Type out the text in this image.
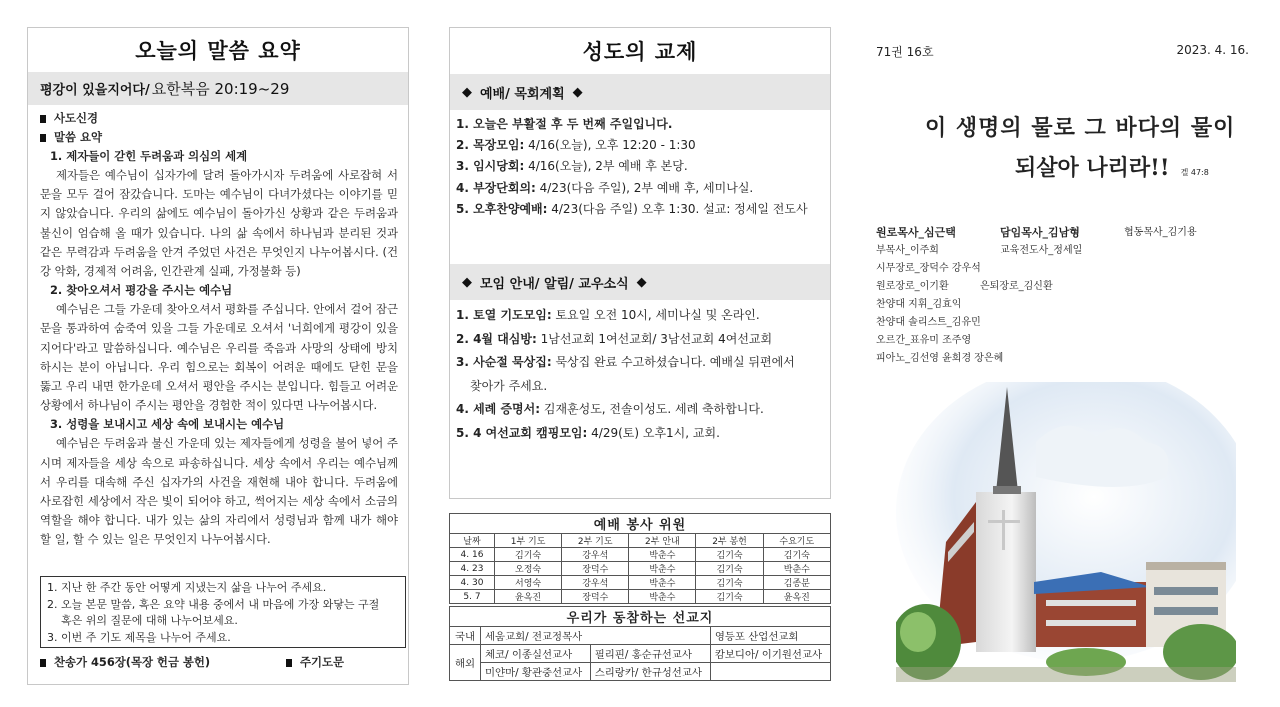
오늘의 말씀 요약
평강이 있을지어다/ 요한복음 20:19~29
사도신경
말씀 요약
1. 제자들이 갇힌 두려움과 의심의 세계
제자들은 예수님이 십자가에 달려 돌아가시자 두려움에 사로잡혀 서 문을 모두 걸어 잠갔습니다. 도마는 예수님이 다녀가셨다는 이야기를 믿지 않았습니다. 우리의 삶에도 예수님이 돌아가신 상황과 같은 두려움과 불신이 엄습해 올 때가 있습니다. 나의 삶 속에서 하나님과 분리된 것과 같은 무력감과 두려움을 안겨 주었던 사건은 무엇인지 나누어봅시다. (건강 악화, 경제적 어려움, 인간관계 실패, 가정불화 등)
2. 찾아오셔서 평강을 주시는 예수님
예수님은 그들 가운데 찾아오셔서 평화를 주십니다. 안에서 걸어 잠근 문을 통과하여 숨죽여 있을 그들 가운데로 오셔서 '너희에게 평강이 있을지어다'라고 말씀하십니다. 예수님은 우리를 죽음과 사망의 상태에 방치하시는 분이 아닙니다. 우리 힘으로는 회복이 어려운 때에도 닫힌 문을 뚫고 우리 내면 한가운데 오셔서 평안을 주시는 분입니다. 힘들고 어려운 상황에서 하나님이 주시는 평안을 경험한 적이 있다면 나누어봅시다.
3. 성령을 보내시고 세상 속에 보내시는 예수님
예수님은 두려움과 불신 가운데 있는 제자들에게 성령을 불어 넣어 주시며 제자들을 세상 속으로 파송하십니다. 세상 속에서 우리는 예수님께서 우리를 대속해 주신 십자가의 사건을 재현해 내야 합니다. 두려움에 사로잡힌 세상에서 작은 빛이 되어야 하고, 썩어지는 세상 속에서 소금의 역할을 해야 합니다. 내가 있는 삶의 자리에서 성령님과 함께 내가 해야 할 일, 할 수 있는 일은 무엇인지 나누어봅시다.
1. 지난 한 주간 동안 어떻게 지냈는지 삶을 나누어 주세요.
2. 오늘 본문 말씀, 혹은 요약 내용 중에서 내 마음에 가장 와닿는 구절
혹은 위의 질문에 대해 나누어보세요.
3. 이번 주 기도 제목을 나누어 주세요.
찬송가 456장(목장 헌금 봉헌)	주기도문
성도의 교제
◆ 예배/ 목회계획 ◆
1. 오늘은 부활절 후 두 번째 주일입니다.
2. 목장모임: 4/16(오늘), 오후 12:20 - 1:30
3. 임시당회: 4/16(오늘), 2부 예배 후 본당.
4. 부장단회의: 4/23(다음 주일), 2부 예배 후, 세미나실.
5. 오후찬양예배: 4/23(다음 주일) 오후 1:30. 설교: 정세일 전도사
◆ 모임 안내/ 알림/ 교우소식 ◆
1. 토열 기도모임: 토요일 오전 10시, 세미나실 및 온라인.
2. 4월 대심방: 1남선교회 1여선교회/ 3남선교회 4여선교회
3. 사순절 묵상집: 묵상집 완료 수고하셨습니다. 예배실 뒤편에서
찾아가 주세요.
4. 세례 증명서: 김재훈성도, 전솔이성도. 세례 축하합니다.
5. 4 여선교회 캠핑모임: 4/29(토) 오후1시, 교회.
예배 봉사 위원					
날짜	1부 기도	2부 기도	2부 안내	2부 봉헌	수요기도
4. 16	김기숙	강우석	박춘수	김기숙	김기숙
4. 23	오정숙	장덕수	박춘수	김기숙	박춘수
4. 30	서영숙	강우석	박춘수	김기숙	김종분
5. 7	윤옥진	장덕수	박춘수	김기숙	윤옥진
우리가 동참하는 선교지			
국내	세움교회/ 전교정목사		영등포 산업선교회
해외	체코/ 이종실선교사	필리핀/ 홍순규선교사	캄보디아/ 이기원선교사
	미얀마/ 황관중선교사	스리랑카/ 한규성선교사	
71권 16호	2023. 4. 16.
이 생명의 물로 그 바다의 물이
되살아 나리라!! 겔 47:8
원로목사_심근택	담임목사_김남형	협동목사_김기용
부목사_이주희	교육전도사_정세일
시무장로_장덕수 강우석
원로장로_이기환	은퇴장로_김신환
찬양대 지휘_김효익
찬양대 솔리스트_김유민
오르간_표유미 조주영
피아노_김선영 윤희경 장은혜
